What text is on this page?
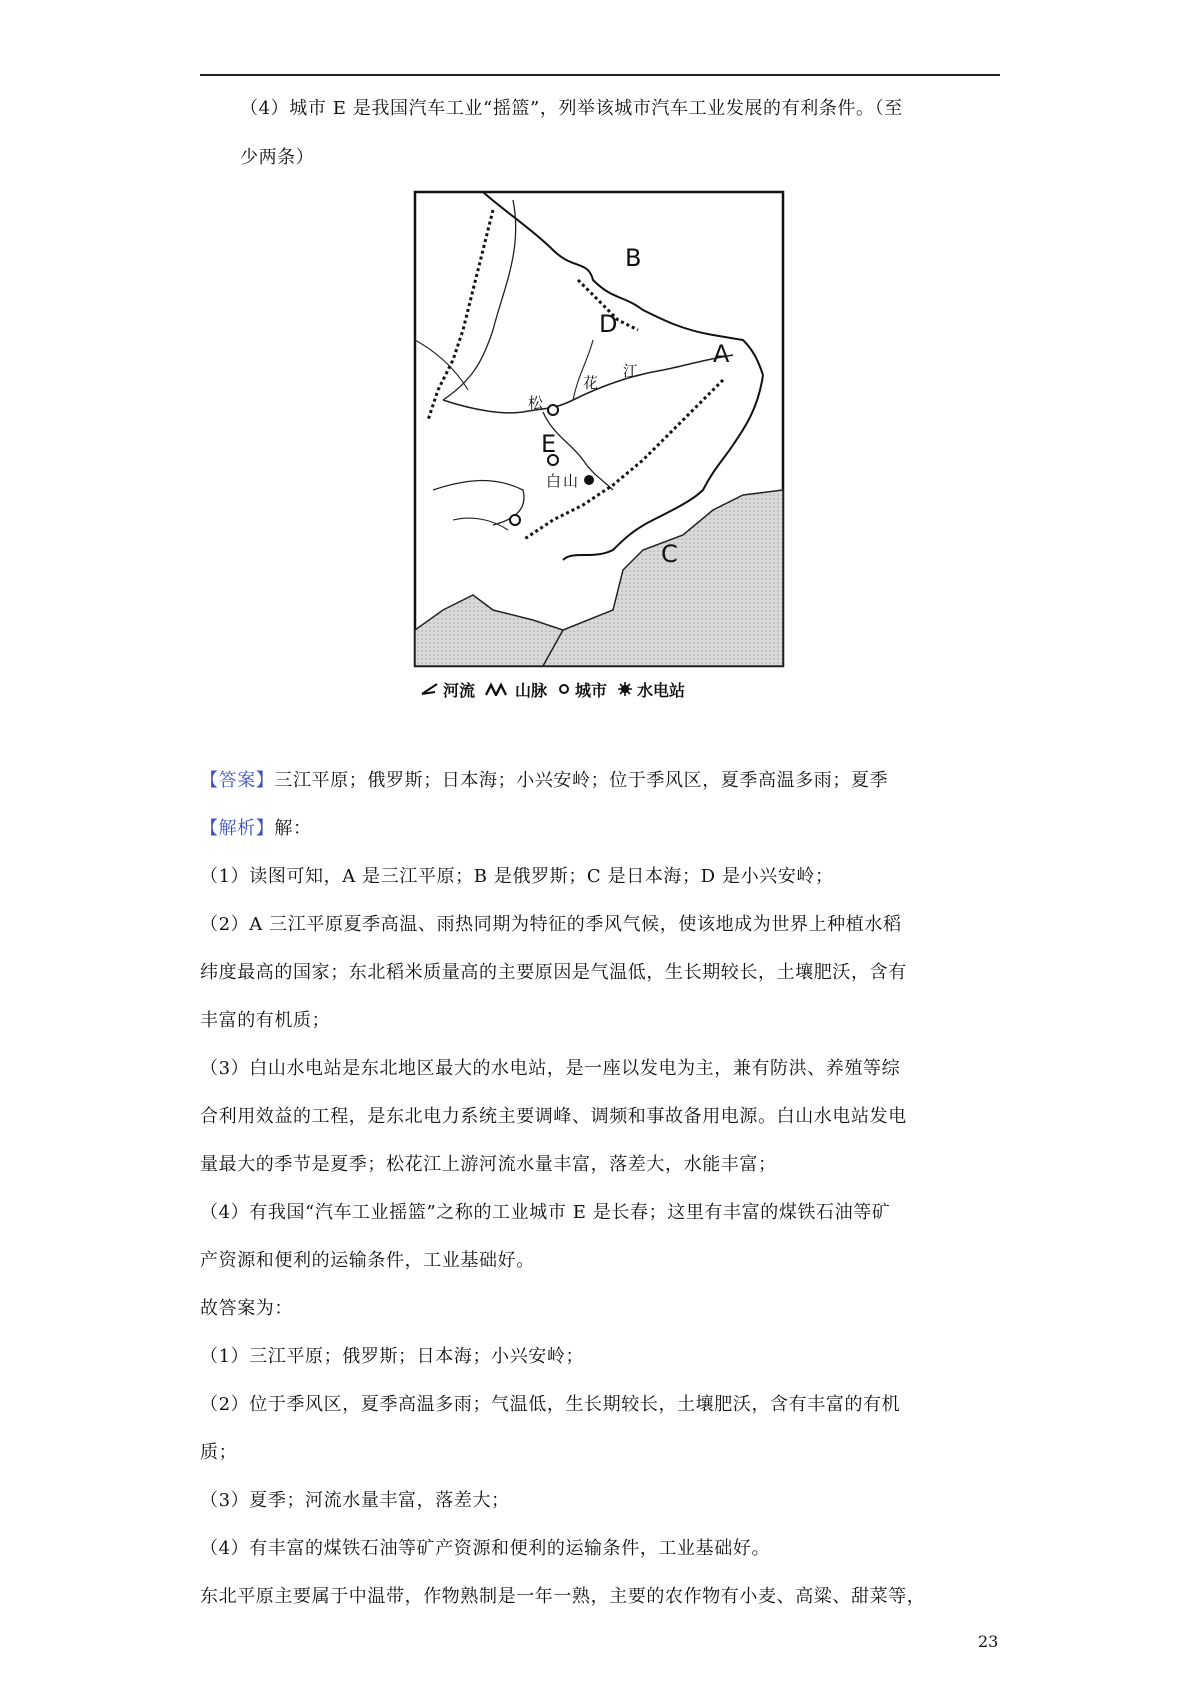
（4）城市 E 是我国汽车工业“摇篮”，列举该城市汽车工业发展的有利条件。（至
少两条）
B
D
A
C
E
松
花
江
白 山
河流	山脉 城市 水电站
【答案】三江平原；俄罗斯；日本海；小兴安岭；位于季风区，夏季高温多雨；夏季
【解析】解：
（1）读图可知，A 是三江平原；B 是俄罗斯；C 是日本海；D 是小兴安岭；
（2）A 三江平原夏季高温、雨热同期为特征的季风气候，使该地成为世界上种植水稻
纬度最高的国家；东北稻米质量高的主要原因是气温低，生长期较长，土壤肥沃，含有
丰富的有机质；
（3）白山水电站是东北地区最大的水电站，是一座以发电为主，兼有防洪、养殖等综
合利用效益的工程，是东北电力系统主要调峰、调频和事故备用电源。白山水电站发电
量最大的季节是夏季；松花江上游河流水量丰富，落差大，水能丰富；
（4）有我国“汽车工业摇篮”之称的工业城市 E 是长春；这里有丰富的煤铁石油等矿
产资源和便利的运输条件，工业基础好。
故答案为：
（1）三江平原；俄罗斯；日本海；小兴安岭；
（2）位于季风区，夏季高温多雨；气温低，生长期较长，土壤肥沃，含有丰富的有机
质；
（3）夏季；河流水量丰富，落差大；
（4）有丰富的煤铁石油等矿产资源和便利的运输条件，工业基础好。
东北平原主要属于中温带，作物熟制是一年一熟，主要的农作物有小麦、高粱、甜菜等，
23
